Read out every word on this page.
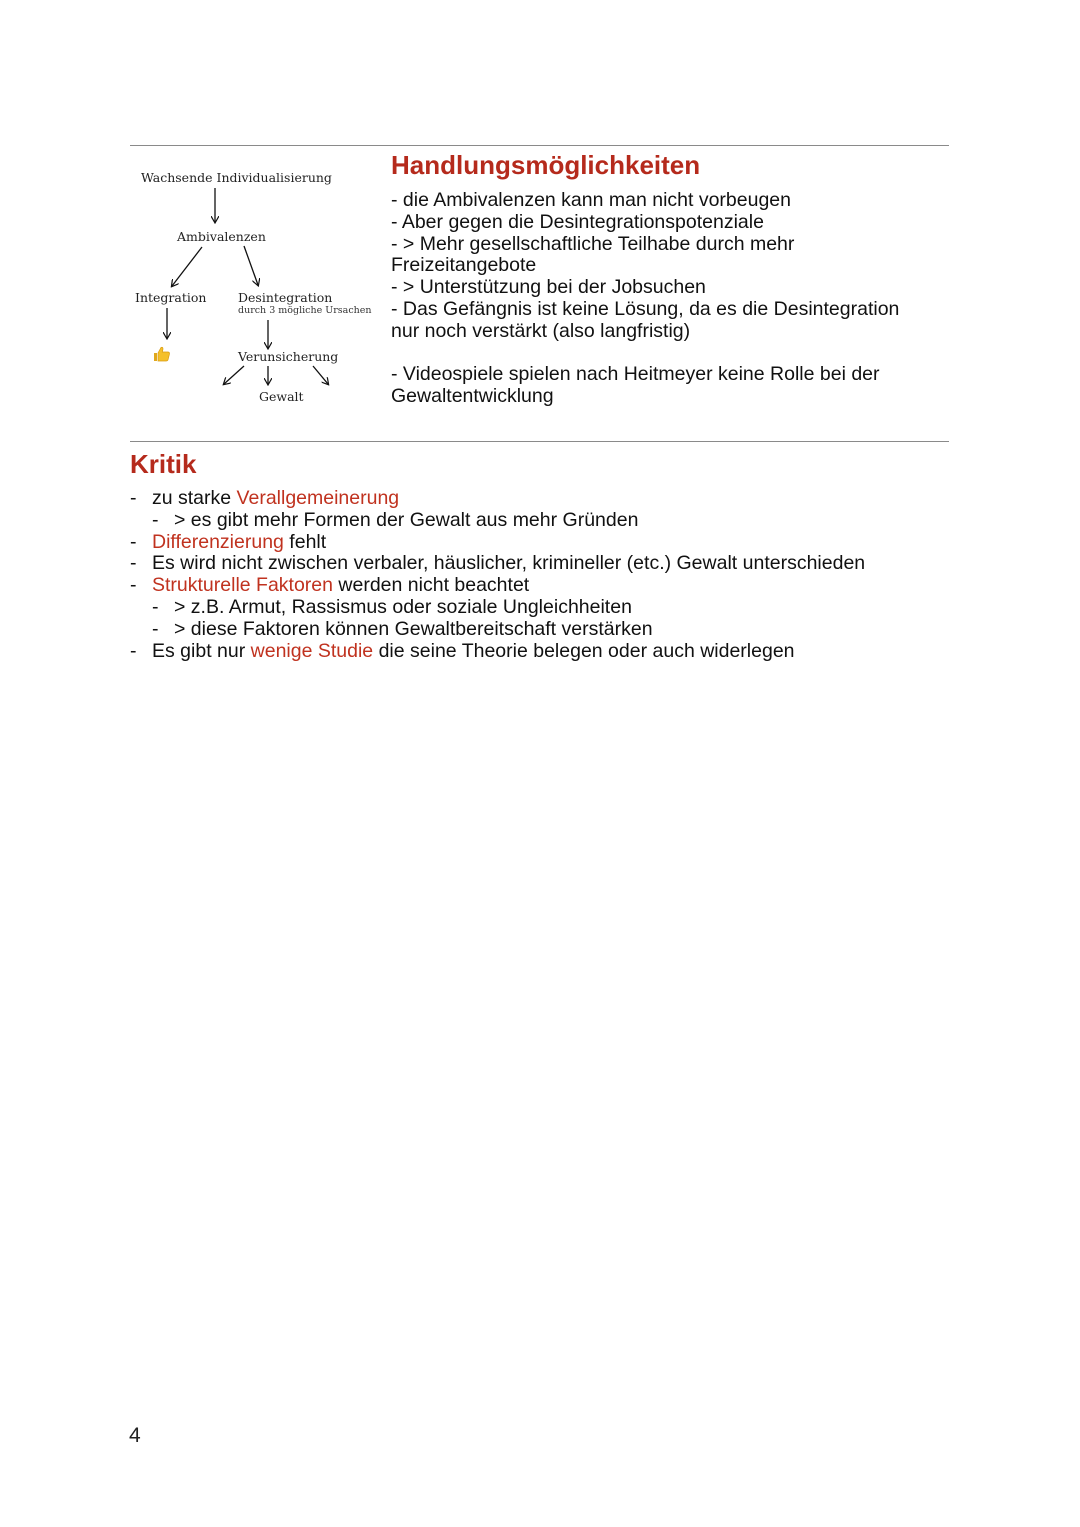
Wachsende Individualisierung
Ambivalenzen
Integration	Desintegration
durch 3 mögliche Ursachen
Verunsicherung
Gewalt
Handlungsmöglichkeiten
- die Ambivalenzen kann man nicht vorbeugen
- Aber gegen die Desintegrationspotenziale
- > Mehr gesellschaftliche Teilhabe durch mehr
Freizeitangebote
- > Unterstützung bei der Jobsuchen
- Das Gefängnis ist keine Lösung, da es die Desintegration
nur noch verstärkt (also langfristig)
- Videospiele spielen nach Heitmeyer keine Rolle bei der
Gewaltentwicklung
Kritik
- zu starke Verallgemeinerung
- > es gibt mehr Formen der Gewalt aus mehr Gründen
- Differenzierung fehlt
- Es wird nicht zwischen verbaler, häuslicher, krimineller (etc.) Gewalt unterschieden
- Strukturelle Faktoren werden nicht beachtet
- > z.B. Armut, Rassismus oder soziale Ungleichheiten
- > diese Faktoren können Gewaltbereitschaft verstärken
- Es gibt nur wenige Studie die seine Theorie belegen oder auch widerlegen
4
